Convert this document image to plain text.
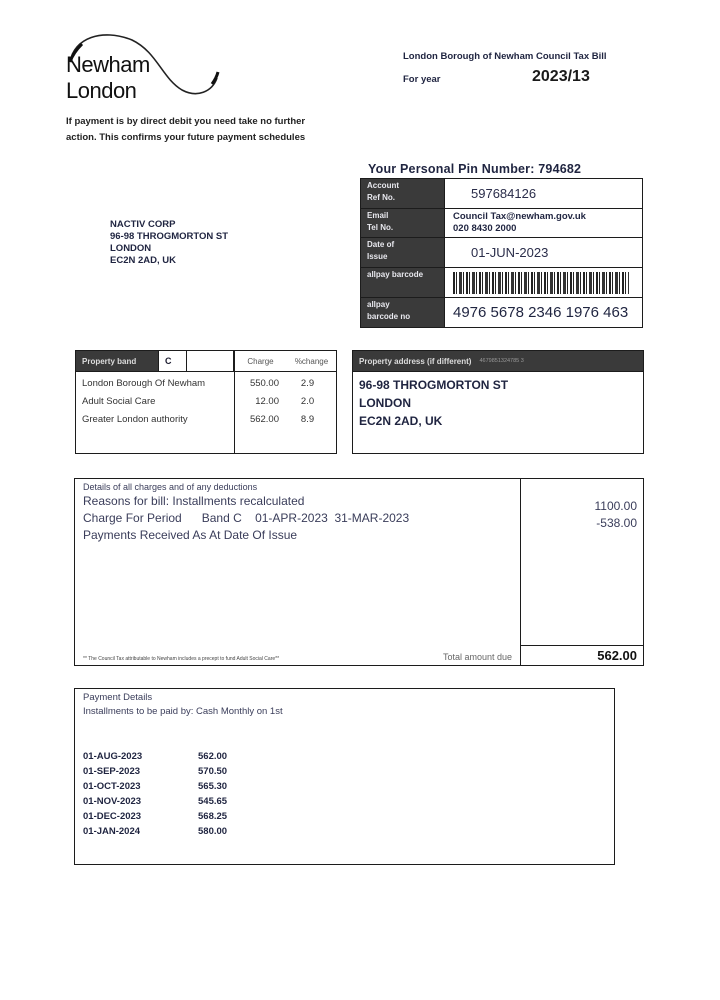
Newham London
If payment is by direct debit you need take no further
action. This confirms your future payment schedules
London Borough of Newham Council Tax Bill
For year	2023/13
Your Personal Pin Number: 794682
Account
Ref No.	597684126
Email
Tel No.
Council Tax@newham.gov.uk
020 8430 2000
Date of
Issue	01-JUN-2023
allpay barcode
allpay
barcode no	4976 5678 2346 1976 463
NACTIV CORP
96-98 THROGMORTON ST
LONDON
EC2N 2AD, UK
Property band	C	Charge	%change
London Borough Of Newham	550.00	2.9
Adult Social Care	12.00	2.0
Greater London authority	562.00	8.9
Property address (if different) 4679851324785 3
96-98 THROGMORTON ST
LONDON
EC2N 2AD, UK
Details of all charges and of any deductions
Reasons for bill: Installments recalculated
Charge For Period      Band C    01-APR-2023  31-MAR-2023
Payments Received As At Date Of Issue
** The Council Tax attributable to Newham includes a precept to fund Adult Social Care**	Total amount due
1100.00
-538.00
562.00
Payment Details
Installments to be paid by: Cash Monthly on 1st
01-AUG-2023	562.00
01-SEP-2023	570.50
01-OCT-2023	565.30
01-NOV-2023	545.65
01-DEC-2023	568.25
01-JAN-2024	580.00
